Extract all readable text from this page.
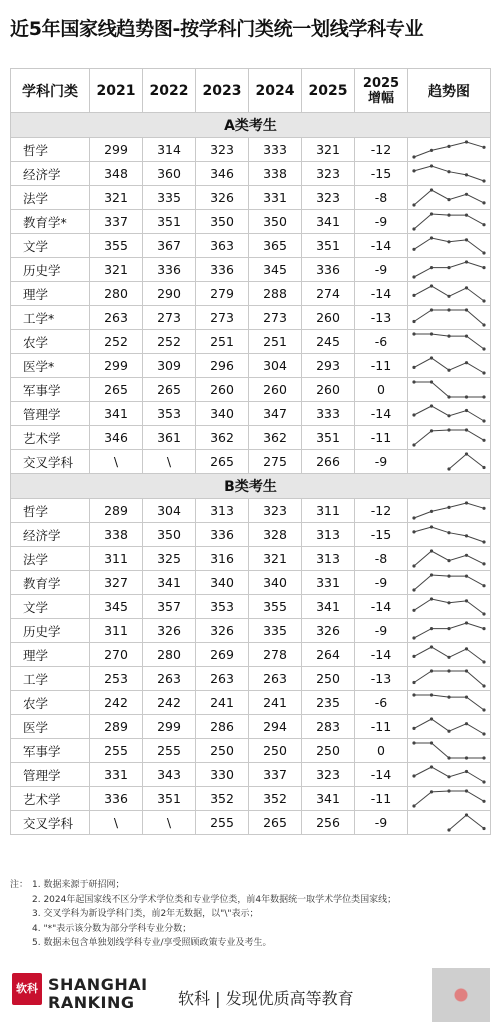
近5年国家线趋势图-按学科门类统一划线学科专业
学科门类	2021	2022	2023	2024	2025	2025
增幅	趋势图
A类考生							
哲学	299	314	323	333	321	-12	

经济学	348	360	346	338	323	-15	

法学	321	335	326	331	323	-8	

教育学*	337	351	350	350	341	-9	

文学	355	367	363	365	351	-14	

历史学	321	336	336	345	336	-9	

理学	280	290	279	288	274	-14	

工学*	263	273	273	273	260	-13	

农学	252	252	251	251	245	-6	

医学*	299	309	296	304	293	-11	

军事学	265	265	260	260	260	0	

管理学	341	353	340	347	333	-14	

艺术学	346	361	362	362	351	-11	

交叉学科	\	\	265	275	266	-9	

B类考生							
哲学	289	304	313	323	311	-12	

经济学	338	350	336	328	313	-15	

法学	311	325	316	321	313	-8	

教育学	327	341	340	340	331	-9	

文学	345	357	353	355	341	-14	

历史学	311	326	326	335	326	-9	

理学	270	280	269	278	264	-14	

工学	253	263	263	263	250	-13	

农学	242	242	241	241	235	-6	

医学	289	299	286	294	283	-11	

军事学	255	255	250	250	250	0	

管理学	331	343	330	337	323	-14	

艺术学	336	351	352	352	341	-11	

交叉学科	\	\	255	265	256	-9	
注： 1. 数据来源于研招网；
2. 2024年起国家线不区分学术学位类和专业学位类，前4年数据统一取学术学位类国家线；
3. 交叉学科为新设学科门类，前2年无数据，以"\"表示；
4. "*"表示该分数为部分学科专业分数；
5. 数据未包含单独划线学科专业/享受照顾政策专业及考生。
软科 SHANGHAI
RANKING	软科 | 发现优质高等教育
